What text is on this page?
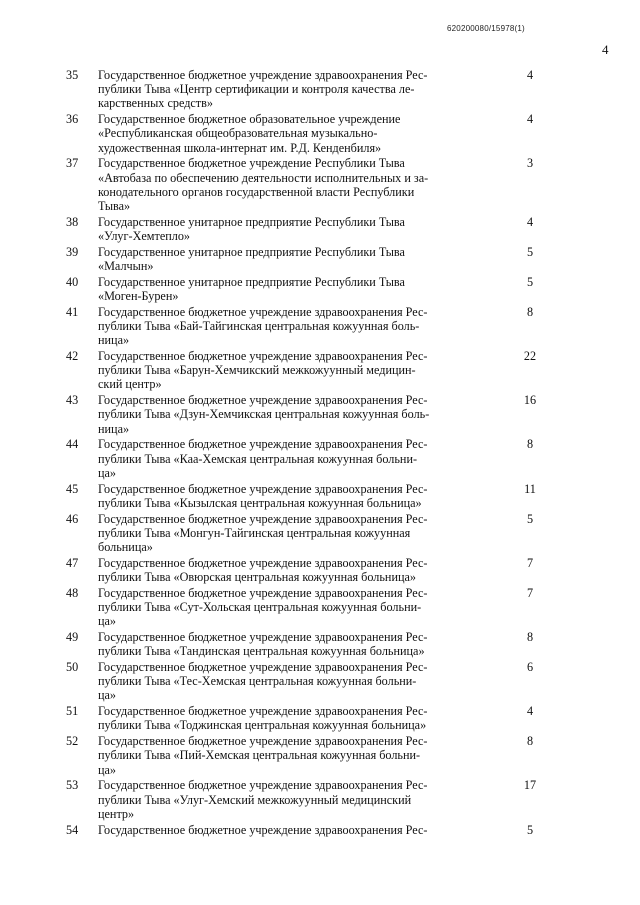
620200080/15978(1)
4
35 Государственное бюджетное учреждение здравоохранения Рес-
публики Тыва «Центр сертификации и контроля качества ле-
карственных средств»
4
36 Государственное бюджетное образовательное учреждение
«Республиканская общеобразовательная музыкально-
художественная школа-интернат им. Р.Д. Кенденбиля»
4
37 Государственное бюджетное учреждение Республики Тыва
«Автобаза по обеспечению деятельности исполнительных и за-
конодательного органов государственной власти Республики
Тыва»
3
38 Государственное унитарное предприятие Республики Тыва
«Улуг-Хемтепло»
4
39 Государственное унитарное предприятие Республики Тыва
«Малчын»
5
40 Государственное унитарное предприятие Республики Тыва
«Моген-Бурен»
5
41 Государственное бюджетное учреждение здравоохранения Рес-
публики Тыва «Бай-Тайгинская центральная кожуунная боль-
ница»
8
42 Государственное бюджетное учреждение здравоохранения Рес-
публики Тыва «Барун-Хемчикский межкожуунный медицин-
ский центр»
22
43 Государственное бюджетное учреждение здравоохранения Рес-
публики Тыва «Дзун-Хемчикская центральная кожуунная боль-
ница»
16
44 Государственное бюджетное учреждение здравоохранения Рес-
публики Тыва «Каа-Хемская центральная кожуунная больни-
ца»
8
45 Государственное бюджетное учреждение здравоохранения Рес-
публики Тыва «Кызылская центральная кожуунная больница»
11
46 Государственное бюджетное учреждение здравоохранения Рес-
публики Тыва «Монгун-Тайгинская центральная кожуунная
больница»
5
47 Государственное бюджетное учреждение здравоохранения Рес-
публики Тыва «Овюрская центральная кожуунная больница»
7
48 Государственное бюджетное учреждение здравоохранения Рес-
публики Тыва «Сут-Хольская центральная кожуунная больни-
ца»
7
49 Государственное бюджетное учреждение здравоохранения Рес-
публики Тыва «Тандинская центральная кожуунная больница»
8
50 Государственное бюджетное учреждение здравоохранения Рес-
публики Тыва «Тес-Хемская центральная кожуунная больни-
ца»
6
51 Государственное бюджетное учреждение здравоохранения Рес-
публики Тыва «Тоджинская центральная кожуунная больница»
4
52 Государственное бюджетное учреждение здравоохранения Рес-
публики Тыва «Пий-Хемская центральная кожуунная больни-
ца»
8
53 Государственное бюджетное учреждение здравоохранения Рес-
публики Тыва «Улуг-Хемский межкожуунный медицинский
центр»
17
54 Государственное бюджетное учреждение здравоохранения Рес-	5
